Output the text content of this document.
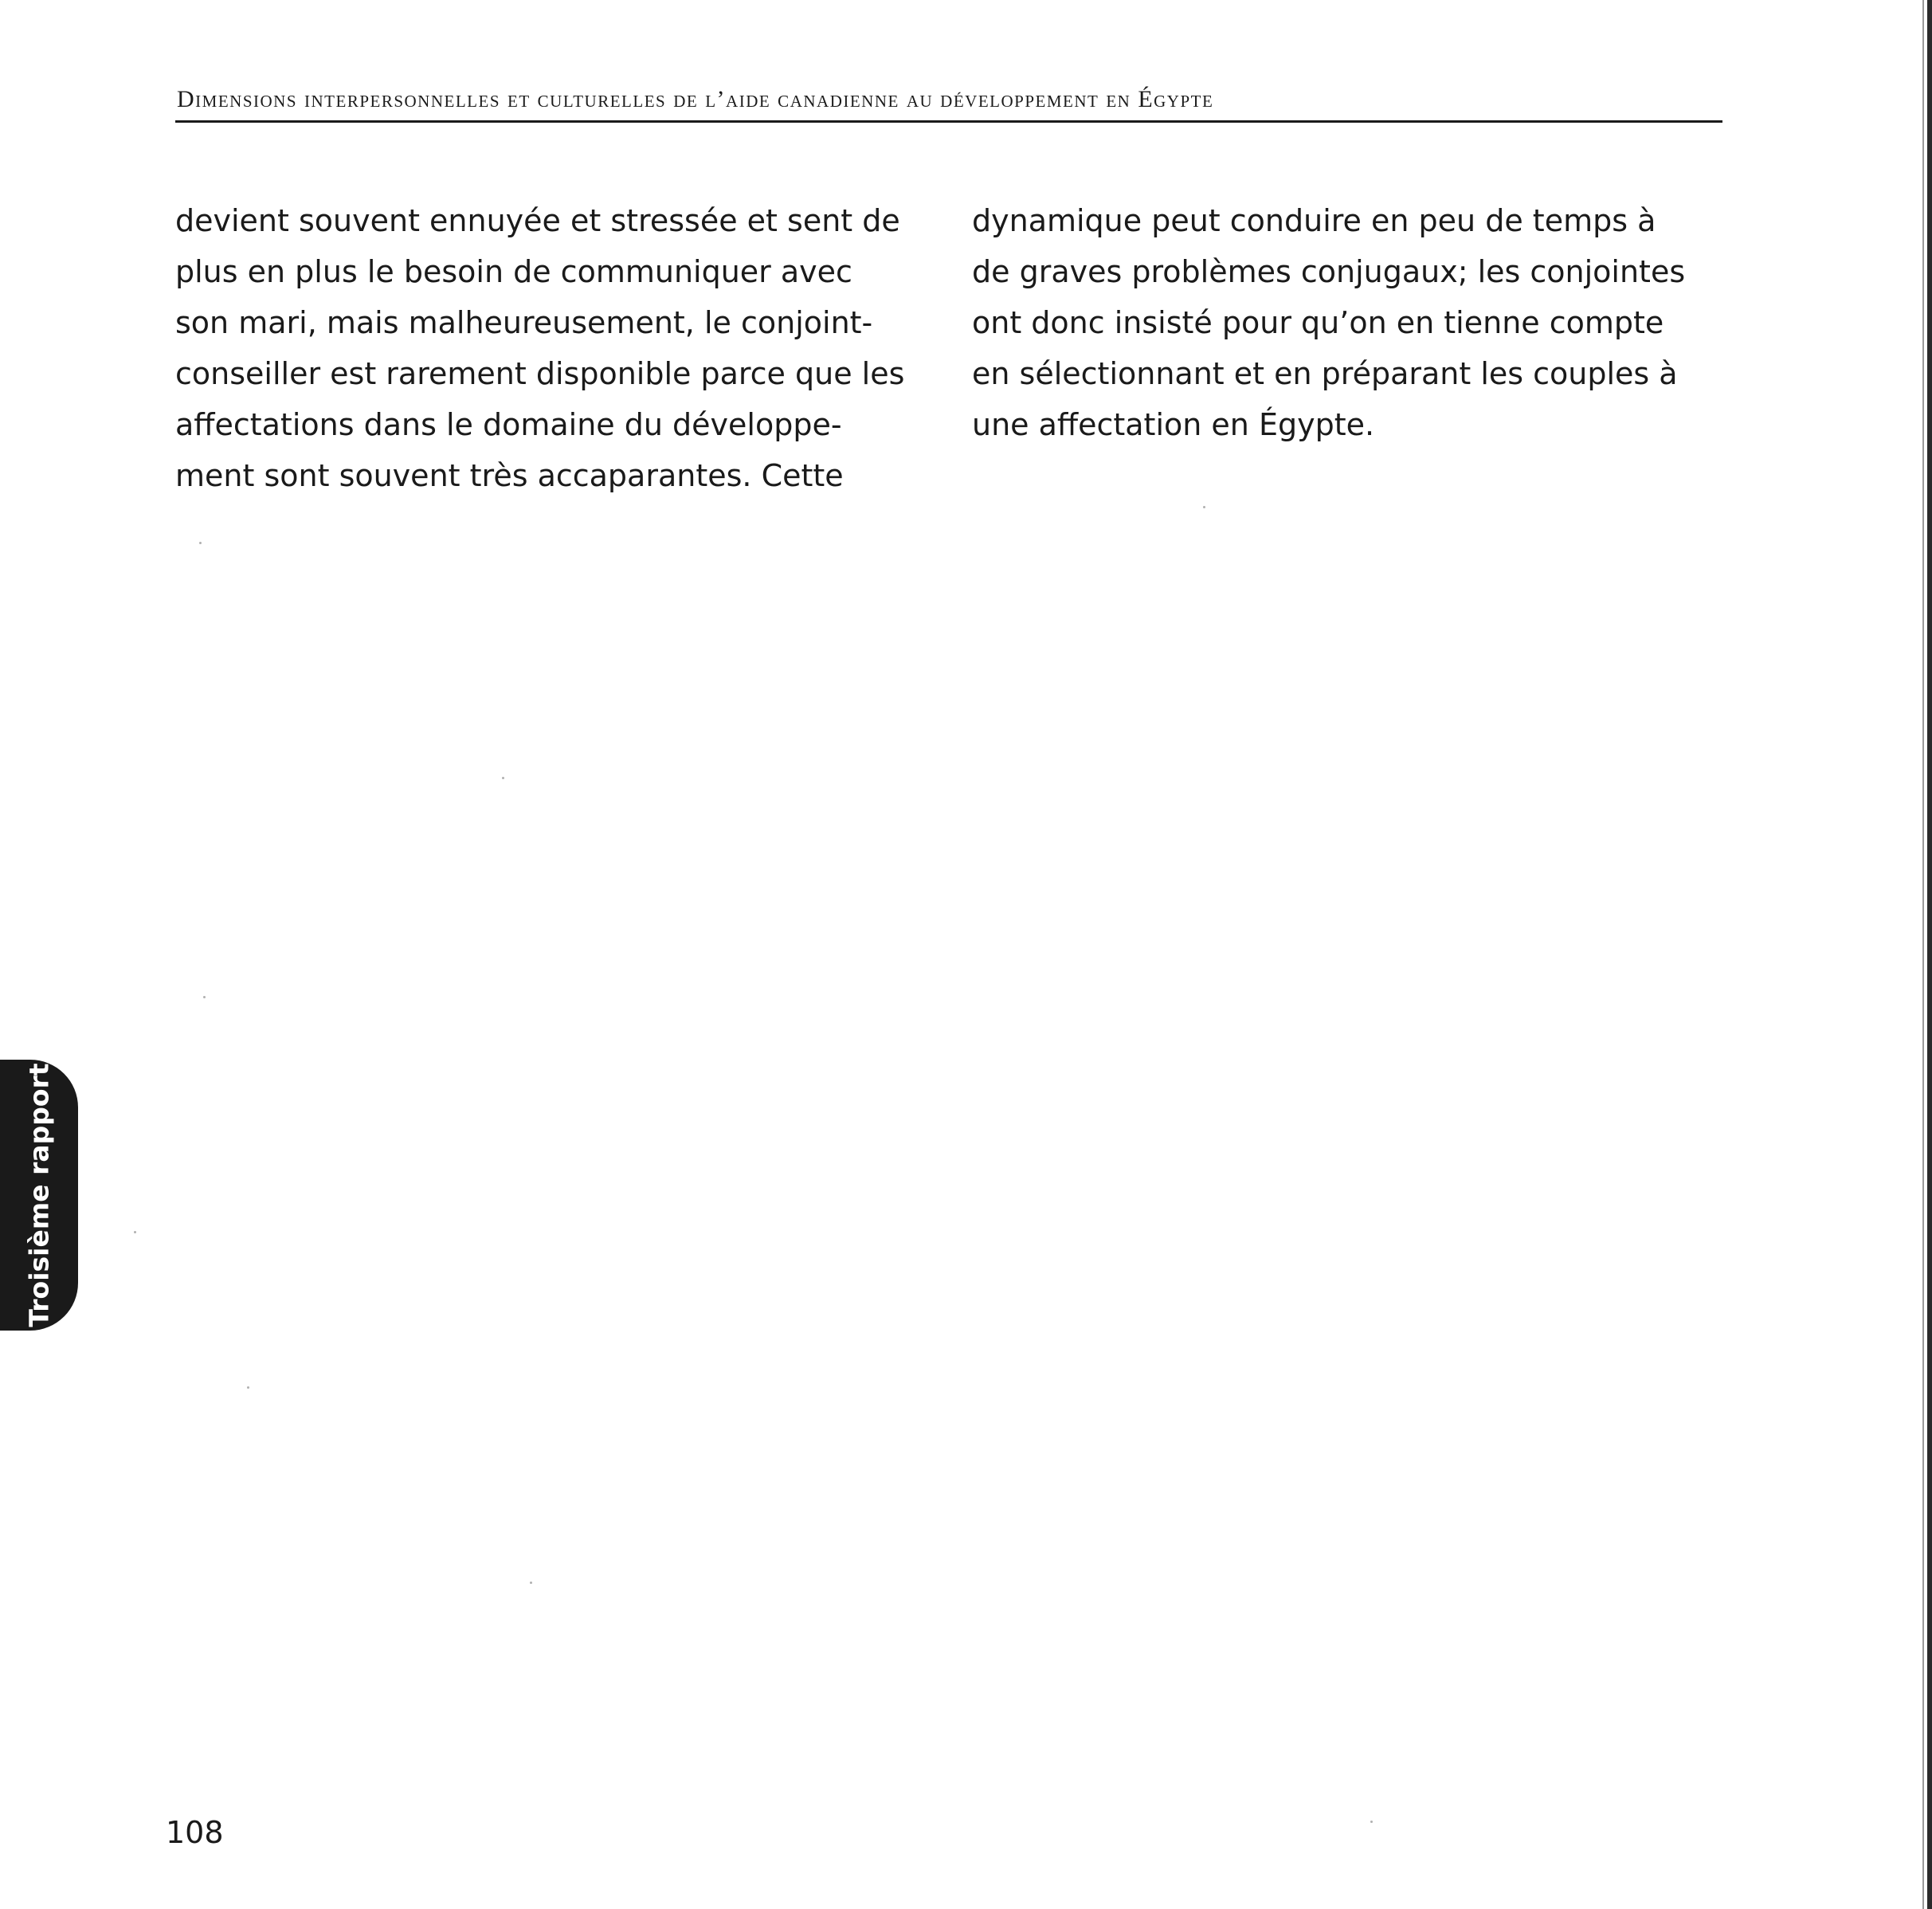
Dimensions interpersonnelles et culturelles de l’aide canadienne au développement en Égypte
devient souvent ennuyée et stressée et sent de
plus en plus le besoin de communiquer avec
son mari, mais malheureusement, le conjoint-
conseiller est rarement disponible parce que les
affectations dans le domaine du développe-
ment sont souvent très accaparantes. Cette
dynamique peut conduire en peu de temps à
de graves problèmes conjugaux; les conjointes
ont donc insisté pour qu’on en tienne compte
en sélectionnant et en préparant les couples à
une affectation en Égypte.
Troisième rapport
108
